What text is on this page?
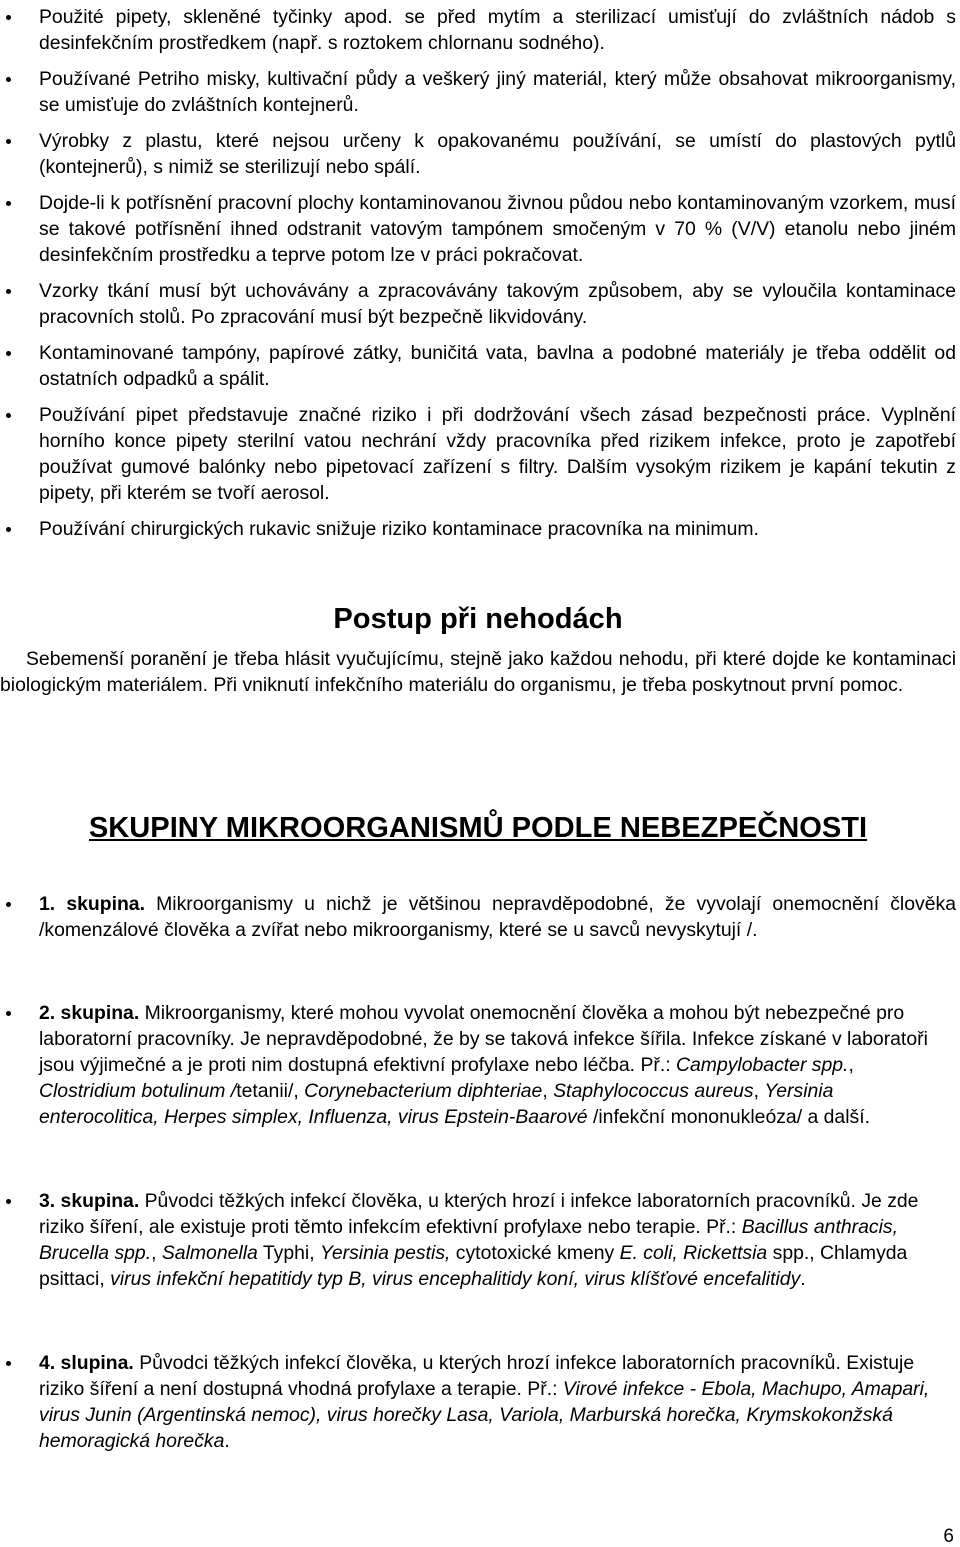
Použité pipety, skleněné tyčinky apod. se před mytím a sterilizací umisťují do zvláštních nádob s desinfekčním prostředkem (např. s roztokem chlornanu sodného).
Používané Petriho misky, kultivační půdy a veškerý jiný materiál, který může obsahovat mikroorganismy, se umisťuje do zvláštních kontejnerů.
Výrobky z plastu, které nejsou určeny k opakovanému používání, se umístí do plastových pytlů (kontejnerů), s nimiž se sterilizují nebo spálí.
Dojde-li k potřísnění pracovní plochy kontaminovanou živnou půdou nebo kontaminovaným vzorkem, musí se takové potřísnění ihned odstranit vatovým tampónem smočeným v 70 % (V/V) etanolu nebo jiném desinfekčním prostředku a teprve potom lze v práci pokračovat.
Vzorky tkání musí být uchovávány a zpracovávány takovým způsobem, aby se vyloučila kontaminace pracovních stolů. Po zpracování musí být bezpečně likvidovány.
Kontaminované tampóny, papírové zátky, buničitá vata, bavlna a podobné materiály je třeba oddělit od ostatních odpadků a spálit.
Používání pipet představuje značné riziko i při dodržování všech zásad bezpečnosti práce. Vyplnění horního konce pipety sterilní vatou nechrání vždy pracovníka před rizikem infekce, proto je zapotřebí používat gumové balónky nebo pipetovací zařízení s filtry. Dalším vysokým rizikem je kapání tekutin z pipety, při kterém se tvoří aerosol.
Používání chirurgických rukavic snižuje riziko kontaminace pracovníka na minimum.
Postup při nehodách

Sebemenší poranění je třeba hlásit vyučujícímu, stejně jako každou nehodu, při které dojde ke kontaminaci biologickým materiálem. Při vniknutí infekčního materiálu do organismu, je třeba poskytnout první pomoc.

SKUPINY MIKROORGANISMŮ PODLE NEBEZPEČNOSTI
1. skupina. Mikroorganismy u nichž je většinou nepravděpodobné, že vyvolají onemocnění člověka /komenzálové člověka a zvířat nebo mikroorganismy, které se u savců nevyskytují /.
2. skupina. Mikroorganismy, které mohou vyvolat onemocnění člověka a mohou být nebezpečné pro laboratorní pracovníky. Je nepravděpodobné, že by se taková infekce šířila. Infekce získané v laboratoři jsou výjimečné a je proti nim dostupná efektivní profylaxe nebo léčba. Př.: Campylobacter spp., Clostridium botulinum /tetanii/, Corynebacterium diphteriae, Staphylococcus aureus, Yersinia enterocolitica, Herpes simplex, Influenza, virus Epstein-Baarové /infekční mononukleóza/ a další.
3. skupina. Původci těžkých infekcí člověka, u kterých hrozí i infekce laboratorních pracovníků. Je zde riziko šíření, ale existuje proti těmto infekcím efektivní profylaxe nebo terapie. Př.: Bacillus anthracis, Brucella spp., Salmonella Typhi, Yersinia pestis, cytotoxické kmeny E. coli, Rickettsia spp., Chlamyda psittaci, virus infekční hepatitidy typ B, virus encephalitidy koní, virus klíšťové encefalitidy.
4. slupina. Původci těžkých infekcí člověka, u kterých hrozí infekce laboratorních pracovníků. Existuje riziko šíření a není dostupná vhodná profylaxe a terapie. Př.: Virové infekce - Ebola, Machupo, Amapari, virus Junin (Argentinská nemoc), virus horečky Lasa, Variola, Marburská horečka, Krymskokonžská hemoragická horečka.
6
